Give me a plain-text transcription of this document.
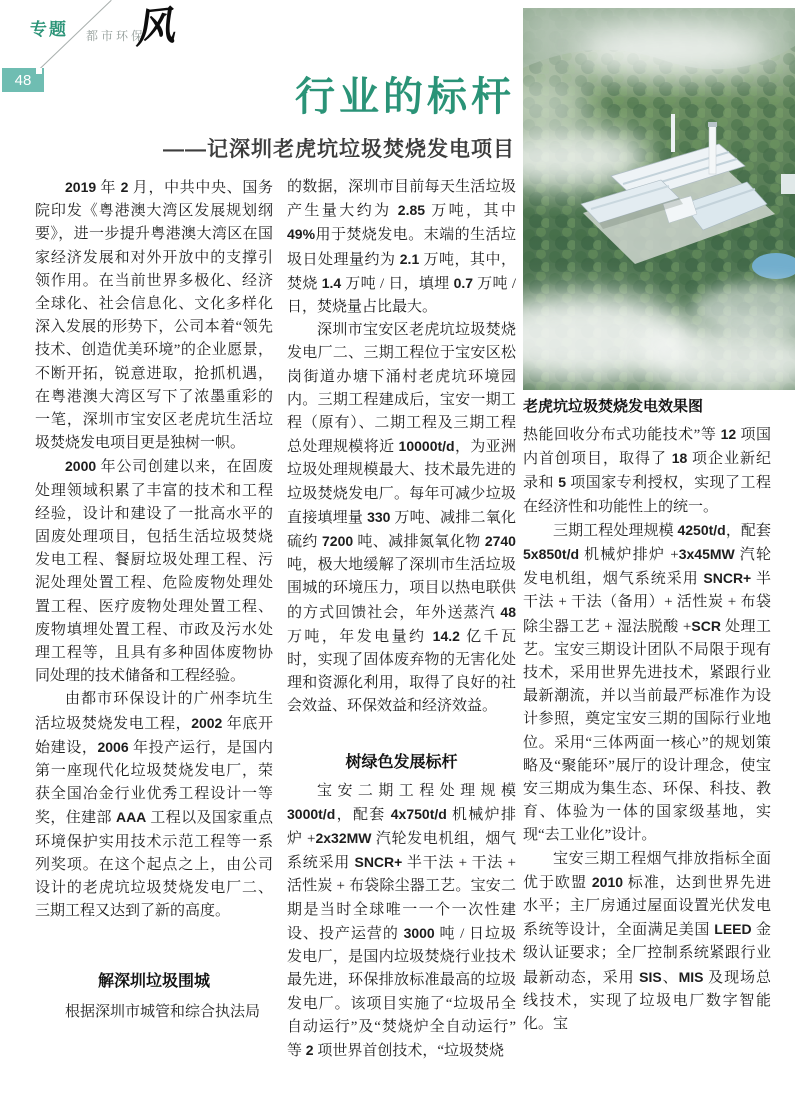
专题 都市环保
风
48	行业的标杆
——记深圳老虎坑垃圾焚烧发电项目

2019 年 2 月，中共中央、国务院印发《粤港澳大湾区发展规划纲要》，进一步提升粤港澳大湾区在国家经济发展和对外开放中的支撑引领作用。在当前世界多极化、经济全球化、社会信息化、文化多样化深入发展的形势下，公司本着“领先技术、创造优美环境”的企业愿景，不断开拓，锐意进取，抢抓机遇，在粤港澳大湾区写下了浓墨重彩的一笔，深圳市宝安区老虎坑生活垃圾焚烧发电项目更是独树一帜。

2000 年公司创建以来，在固废处理领域积累了丰富的技术和工程经验，设计和建设了一批高水平的固废处理项目，包括生活垃圾焚烧发电工程、餐厨垃圾处理工程、污泥处理处置工程、危险废物处理处置工程、医疗废物处理处置工程、废物填埋处置工程、市政及污水处理工程等，且具有多种固体废物协同处理的技术储备和工程经验。

由都市环保设计的广州李坑生活垃圾焚烧发电工程，2002 年底开始建设，2006 年投产运行，是国内第一座现代化垃圾焚烧发电厂，荣获全国冶金行业优秀工程设计一等奖，住建部 AAA 工程以及国家重点环境保护实用技术示范工程等一系列奖项。在这个起点之上，由公司设计的老虎坑垃圾焚烧发电厂二、三期工程又达到了新的高度。

解深圳垃圾围城

根据深圳市城管和综合执法局

的数据，深圳市目前每天生活垃圾产生量大约为 2.85 万吨，其中 49%用于焚烧发电。末端的生活垃圾日处理量约为 2.1 万吨，其中，焚烧 1.4 万吨 / 日，填埋 0.7 万吨 / 日，焚烧量占比最大。

深圳市宝安区老虎坑垃圾焚烧发电厂二、三期工程位于宝安区松岗街道办塘下涌村老虎坑环境园内。三期工程建成后，宝安一期工程（原有）、二期工程及三期工程总处理规模将近 10000t/d，为亚洲垃圾处理规模最大、技术最先进的垃圾焚烧发电厂。每年可减少垃圾直接填埋量 330 万吨、减排二氧化硫约 7200 吨、减排氮氧化物 2740 吨，极大地缓解了深圳市生活垃圾围城的环境压力，项目以热电联供的方式回馈社会，年外送蒸汽 48 万吨，年发电量约 14.2 亿千瓦时，实现了固体废弃物的无害化处理和资源化利用，取得了良好的社会效益、环保效益和经济效益。

树绿色发展标杆

宝安二期工程处理规模 3000t/d，配套 4x750t/d 机械炉排炉 +2x32MW 汽轮发电机组，烟气系统采用 SNCR+ 半干法 + 干法 + 活性炭 + 布袋除尘器工艺。宝安二期是当时全球唯一一个一次性建设、投产运营的 3000 吨 / 日垃圾发电厂，是国内垃圾焚烧行业技术最先进，环保排放标准最高的垃圾发电厂。该项目实施了“垃圾吊全自动运行”及“焚烧炉全自动运行” 等 2 项世界首创技术，“垃圾焚烧

老虎坑垃圾焚烧发电效果图

热能回收分布式功能技术”等 12 项国内首创项目，取得了 18 项企业新纪录和 5 项国家专利授权，实现了工程在经济性和功能性上的统一。

三期工程处理规模 4250t/d，配套 5x850t/d 机械炉排炉 +3x45MW 汽轮发电机组，烟气系统采用 SNCR+ 半干法 + 干法（备用）+ 活性炭 + 布袋除尘器工艺 + 湿法脱酸 +SCR 处理工艺。宝安三期设计团队不局限于现有技术，采用世界先进技术，紧跟行业最新潮流，并以当前最严标准作为设计参照，奠定宝安三期的国际行业地位。采用“三体两面一核心”的规划策略及“聚能环”展厅的设计理念，使宝安三期成为集生态、环保、科技、教育、体验为一体的国家级基地，实现“去工业化”设计。

宝安三期工程烟气排放指标全面优于欧盟 2010 标准，达到世界先进水平；主厂房通过屋面设置光伏发电系统等设计，全面满足美国 LEED 金级认证要求；全厂控制系统紧跟行业最新动态，采用 SIS、MIS 及现场总线技术，实现了垃圾电厂数字智能化。宝
